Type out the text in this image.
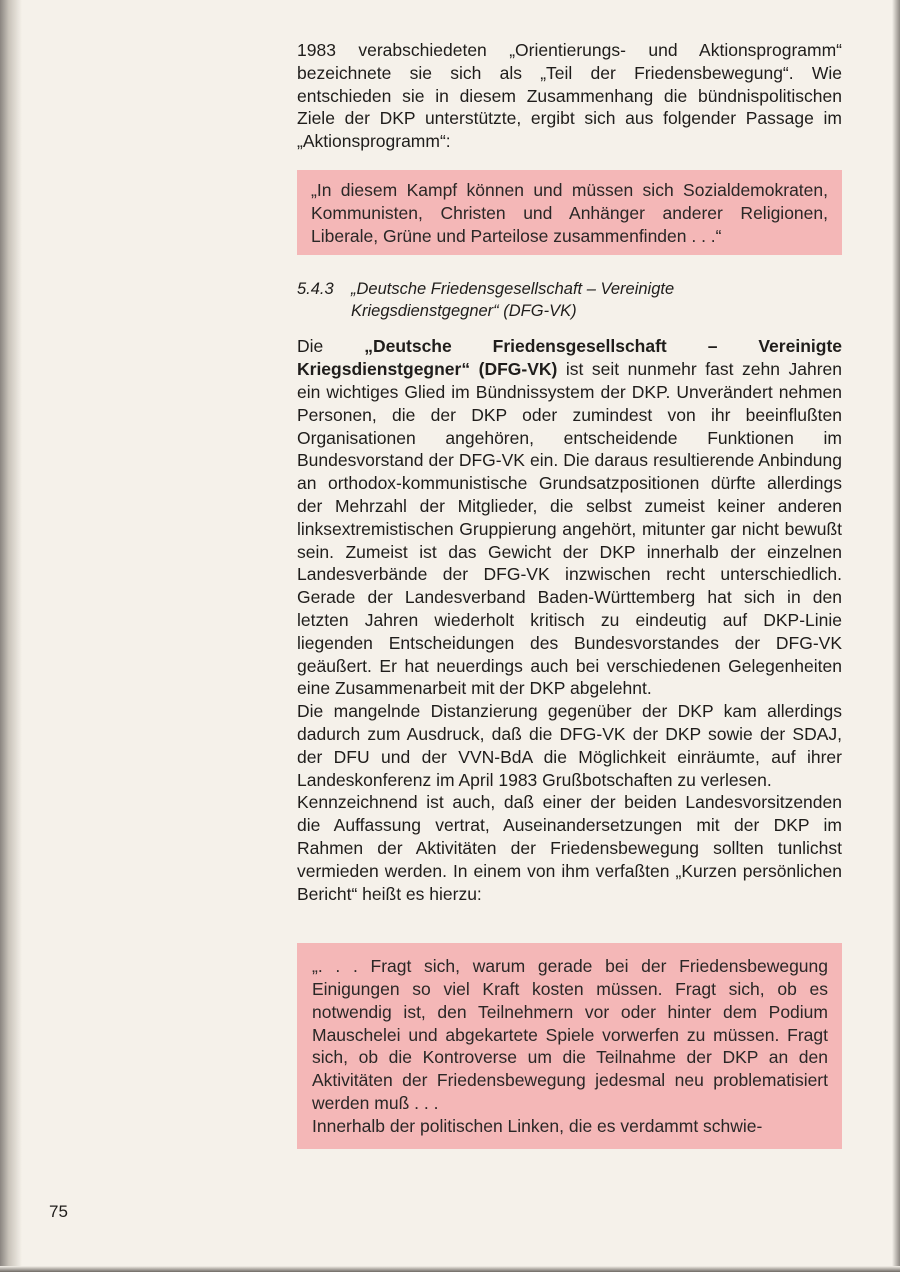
1983 verabschiedeten „Orientierungs- und Aktionsprogramm“ bezeichnete sie sich als „Teil der Friedensbewegung“. Wie entschieden sie in diesem Zusammenhang die bündnispolitischen Ziele der DKP unterstützte, ergibt sich aus folgender Passage im „Aktionsprogramm“:

„In diesem Kampf können und müssen sich Sozialdemokraten, Kommunisten, Christen und Anhänger anderer Religionen, Liberale, Grüne und Parteilose zusammenfinden . . .“

5.4.3 „Deutsche Friedensgesellschaft – Vereinigte
Kriegsdienstgegner“ (DFG-VK)

Die „Deutsche Friedensgesellschaft – Vereinigte Kriegsdienstgegner“ (DFG-VK) ist seit nunmehr fast zehn Jahren ein wichtiges Glied im Bündnissystem der DKP. Unverändert nehmen Personen, die der DKP oder zumindest von ihr beeinflußten Organisationen angehören, entscheidende Funktionen im Bundesvorstand der DFG-VK ein. Die daraus resultierende Anbindung an orthodox-kommunistische Grundsatzpositionen dürfte allerdings der Mehrzahl der Mitglieder, die selbst zumeist keiner anderen linksextremistischen Gruppierung angehört, mitunter gar nicht bewußt sein. Zumeist ist das Gewicht der DKP innerhalb der einzelnen Landesverbände der DFG-VK inzwischen recht unterschiedlich. Gerade der Landesverband Baden-Württemberg hat sich in den letzten Jahren wiederholt kritisch zu eindeutig auf DKP-Linie liegenden Entscheidungen des Bundesvorstandes der DFG-VK geäußert. Er hat neuerdings auch bei verschiedenen Gelegenheiten eine Zusammenarbeit mit der DKP abgelehnt.

Die mangelnde Distanzierung gegenüber der DKP kam allerdings dadurch zum Ausdruck, daß die DFG-VK der DKP sowie der SDAJ, der DFU und der VVN-BdA die Möglichkeit einräumte, auf ihrer Landeskonferenz im April 1983 Grußbotschaften zu verlesen.

Kennzeichnend ist auch, daß einer der beiden Landesvorsitzenden die Auffassung vertrat, Auseinandersetzungen mit der DKP im Rahmen der Aktivitäten der Friedensbewegung sollten tunlichst vermieden werden. In einem von ihm verfaßten „Kurzen persönlichen Bericht“ heißt es hierzu:

„. . . Fragt sich, warum gerade bei der Friedensbewegung Einigungen so viel Kraft kosten müssen. Fragt sich, ob es notwendig ist, den Teilnehmern vor oder hinter dem Podium Mauschelei und abgekartete Spiele vorwerfen zu müssen. Fragt sich, ob die Kontroverse um die Teilnahme der DKP an den Aktivitäten der Friedensbewegung jedesmal neu problematisiert werden muß . . .

Innerhalb der politischen Linken, die es verdammt schwie-

75
